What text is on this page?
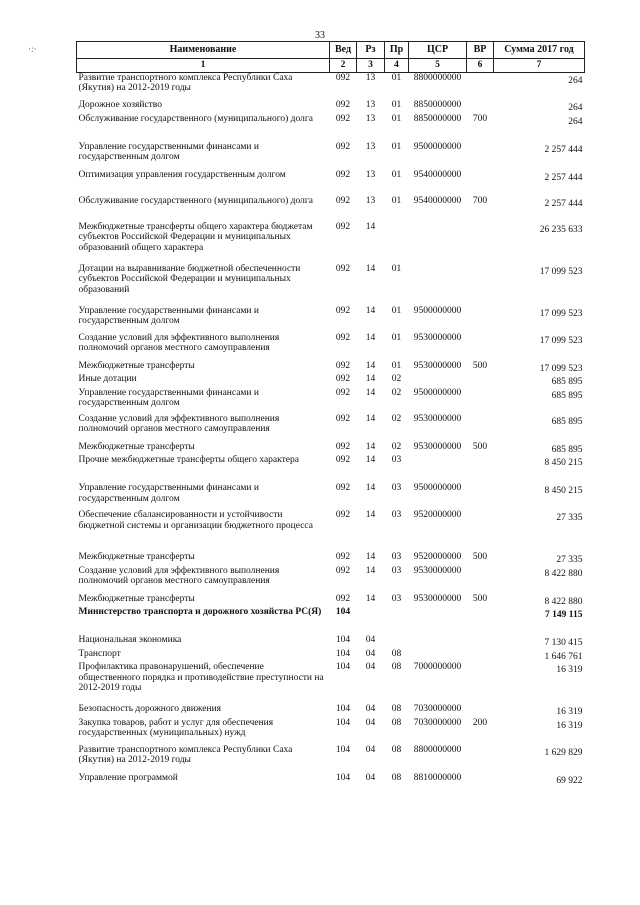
33
·:·	Наименование	Вед	Рз	Пр	ЦСР	ВР	Сумма 2017 год
1	2	3	4	5	6	7
Развитие транспортного комплекса Республики Саха (Якутия) на 2012-2019 годы	092	13	01	8800000000		264
Дорожное хозяйство	092	13	01	8850000000		264
Обслуживание государственного (муниципального) долга	092	13	01	8850000000	700	264
Управление государственными финансами и государственным долгом	092	13	01	9500000000		2 257 444
Оптимизация управления государственным долгом	092	13	01	9540000000		2 257 444
Обслуживание государственного (муниципального) долга	092	13	01	9540000000	700	2 257 444
Межбюджетные трансферты общего характера бюджетам субъектов Российской Федерации и муниципальных образований общего характера	092	14				26 235 633
Дотации на выравнивание бюджетной обеспеченности субъектов Российской Федерации и муниципальных образований	092	14	01			17 099 523
Управление государственными финансами и государственным долгом	092	14	01	9500000000		17 099 523
Создание условий для эффективного выполнения полномочий органов местного самоуправления	092	14	01	9530000000		17 099 523
Межбюджетные трансферты	092	14	01	9530000000	500	17 099 523
Иные дотации	092	14	02			685 895
Управление государственными финансами и государственным долгом	092	14	02	9500000000		685 895
Создание условий для эффективного выполнения полномочий органов местного самоуправления	092	14	02	9530000000		685 895
Межбюджетные трансферты	092	14	02	9530000000	500	685 895
Прочие межбюджетные трансферты общего характера	092	14	03			8 450 215
Управление государственными финансами и государственным долгом	092	14	03	9500000000		8 450 215
Обеспечение сбалансированности и устойчивости бюджетной системы и организации бюджетного процесса	092	14	03	9520000000		27 335
Межбюджетные трансферты	092	14	03	9520000000	500	27 335
Создание условий для эффективного выполнения полномочий органов местного самоуправления	092	14	03	9530000000		8 422 880
Межбюджетные трансферты	092	14	03	9530000000	500	8 422 880
Министерство транспорта и дорожного хозяйства РС(Я)	104					7 149 115
Национальная экономика	104	04				7 130 415
Транспорт	104	04	08			1 646 761
Профилактика правонарушений, обеспечение общественного порядка и противодействие преступности на 2012-2019 годы	104	04	08	7000000000		16 319
Безопасность дорожного движения	104	04	08	7030000000		16 319
Закупка товаров, работ и услуг для обеспечения государственных (муниципальных) нужд	104	04	08	7030000000	200	16 319
Развитие транспортного комплекса Республики Саха (Якутия) на 2012-2019 годы	104	04	08	8800000000		1 629 829
Управление программой	104	04	08	8810000000		69 922
